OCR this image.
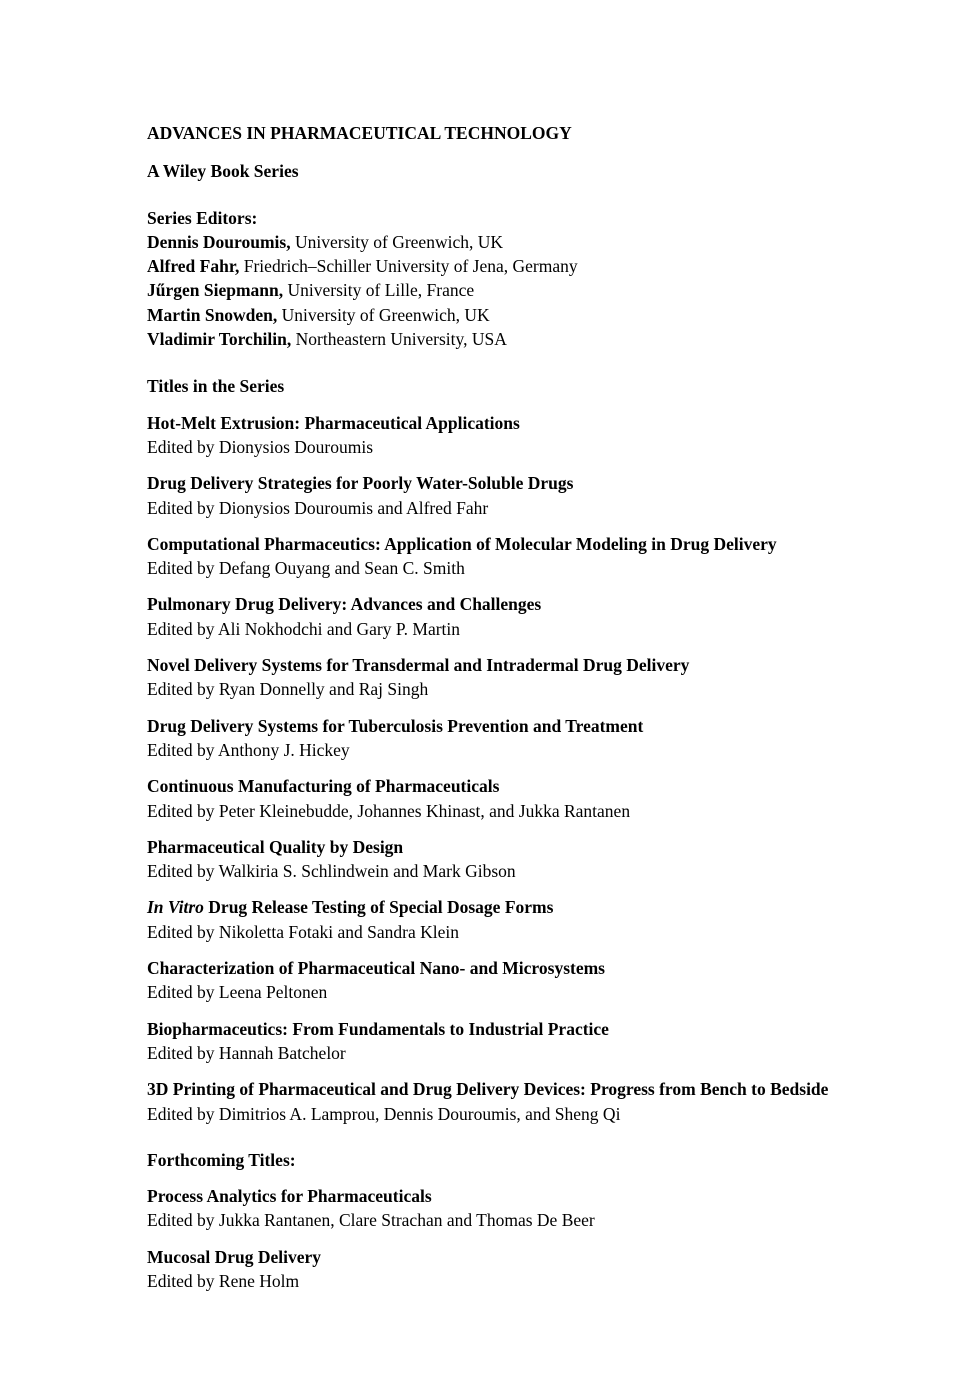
ADVANCES IN PHARMACEUTICAL TECHNOLOGY

A Wiley Book Series

Series Editors:

Dennis Douroumis, University of Greenwich, UK

Alfred Fahr, Friedrich–Schiller University of Jena, Germany

Jűrgen Siepmann, University of Lille, France

Martin Snowden, University of Greenwich, UK

Vladimir Torchilin, Northeastern University, USA

Titles in the Series

Hot-Melt Extrusion: Pharmaceutical Applications

Edited by Dionysios Douroumis

Drug Delivery Strategies for Poorly Water-Soluble Drugs

Edited by Dionysios Douroumis and Alfred Fahr

Computational Pharmaceutics: Application of Molecular Modeling in Drug Delivery

Edited by Defang Ouyang and Sean C. Smith

Pulmonary Drug Delivery: Advances and Challenges

Edited by Ali Nokhodchi and Gary P. Martin

Novel Delivery Systems for Transdermal and Intradermal Drug Delivery

Edited by Ryan Donnelly and Raj Singh

Drug Delivery Systems for Tuberculosis Prevention and Treatment

Edited by Anthony J. Hickey

Continuous Manufacturing of Pharmaceuticals

Edited by Peter Kleinebudde, Johannes Khinast, and Jukka Rantanen

Pharmaceutical Quality by Design

Edited by Walkiria S. Schlindwein and Mark Gibson

In Vitro Drug Release Testing of Special Dosage Forms

Edited by Nikoletta Fotaki and Sandra Klein

Characterization of Pharmaceutical Nano- and Microsystems

Edited by Leena Peltonen

Biopharmaceutics: From Fundamentals to Industrial Practice

Edited by Hannah Batchelor

3D Printing of Pharmaceutical and Drug Delivery Devices: Progress from Bench to Bedside

Edited by Dimitrios A. Lamprou, Dennis Douroumis, and Sheng Qi

Forthcoming Titles:

Process Analytics for Pharmaceuticals

Edited by Jukka Rantanen, Clare Strachan and Thomas De Beer

Mucosal Drug Delivery

Edited by Rene Holm
